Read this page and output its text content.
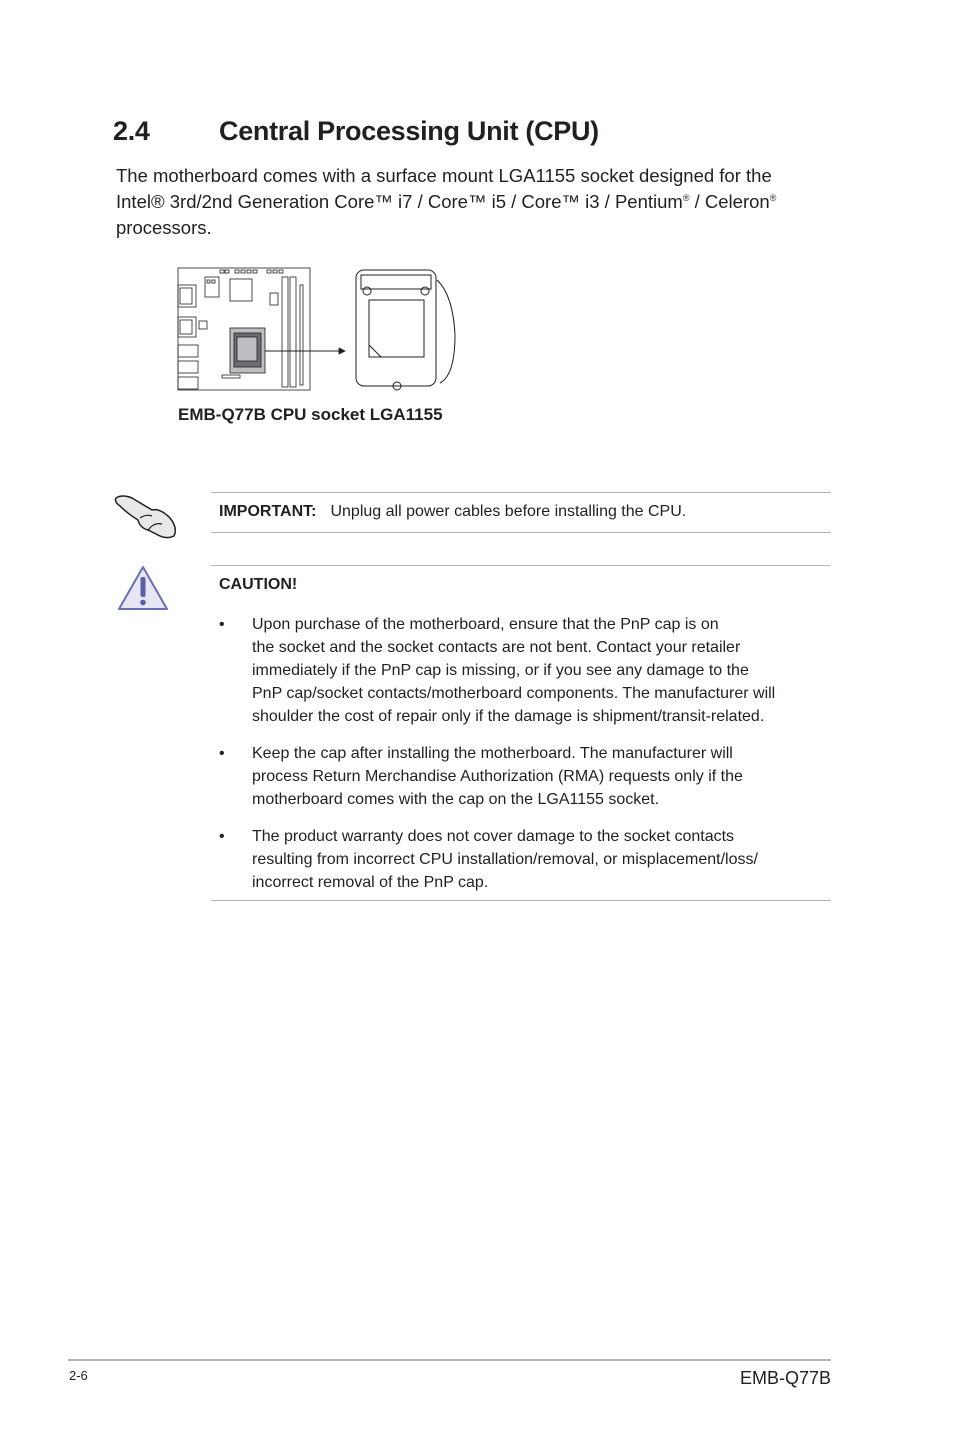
2.4	Central Processing Unit (CPU)

The motherboard comes with a surface mount LGA1155 socket designed for the

Intel® 3rd/2nd Generation Core™ i7 / Core™ i5 / Core™ i3 / Pentium® / Celeron®

processors.

EMB-Q77B CPU socket LGA1155
IMPORTANT: Unplug all power cables before installing the CPU.
CAUTION!
• Upon purchase of the motherboard, ensure that the PnP cap is on
the socket and the socket contacts are not bent. Contact your retailer
immediately if the PnP cap is missing, or if you see any damage to the
PnP cap/socket contacts/motherboard components. The manufacturer will
shoulder the cost of repair only if the damage is shipment/transit-related.
• Keep the cap after installing the motherboard. The manufacturer will
process Return Merchandise Authorization (RMA) requests only if the
motherboard comes with the cap on the LGA1155 socket.
• The product warranty does not cover damage to the socket contacts
resulting from incorrect CPU installation/removal, or misplacement/loss/
incorrect removal of the PnP cap.
2-6	EMB-Q77B
